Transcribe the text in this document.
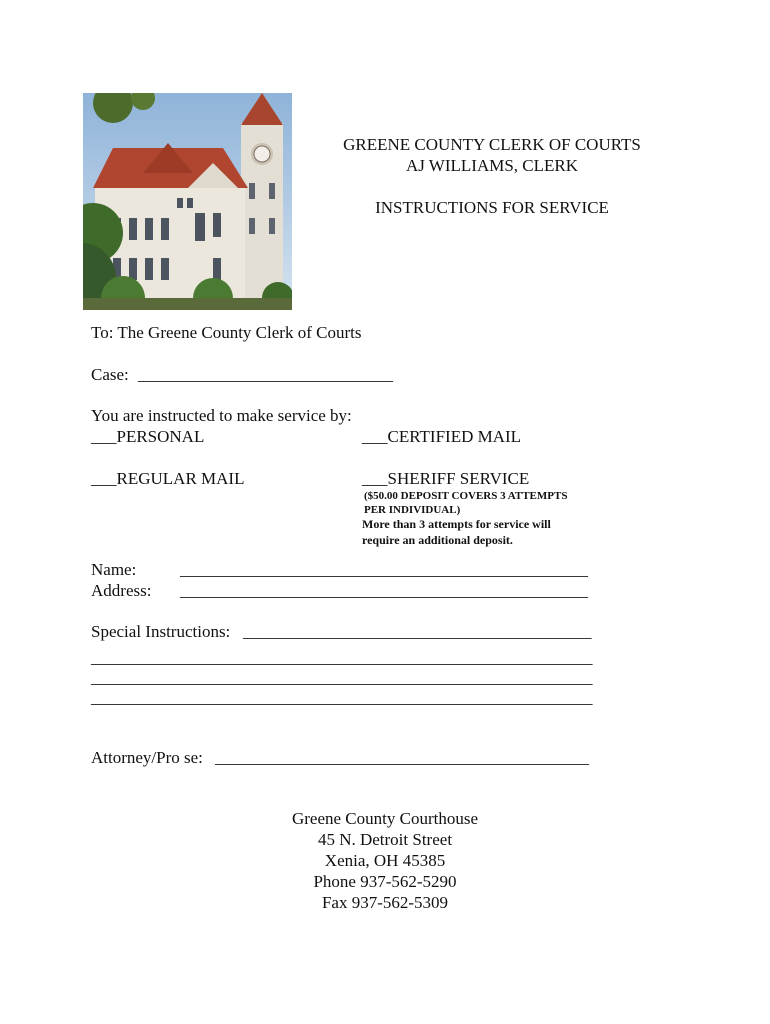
GREENE COUNTY CLERK OF COURTS
AJ WILLIAMS, CLERK
INSTRUCTIONS FOR SERVICE
To: The Greene County Clerk of Courts
Case: ______________________________
You are instructed to make service by:
___PERSONAL	___CERTIFIED MAIL
___REGULAR MAIL	___SHERIFF SERVICE
($50.00 DEPOSIT COVERS 3 ATTEMPTS
PER INDIVIDUAL)
More than 3 attempts for service will
require an additional deposit.
Name:	________________________________________________
Address: ________________________________________________
Special Instructions: _________________________________________
___________________________________________________________
___________________________________________________________
___________________________________________________________
Attorney/Pro se: ____________________________________________
Greene County Courthouse
45 N. Detroit Street
Xenia, OH 45385
Phone 937-562-5290
Fax 937-562-5309
